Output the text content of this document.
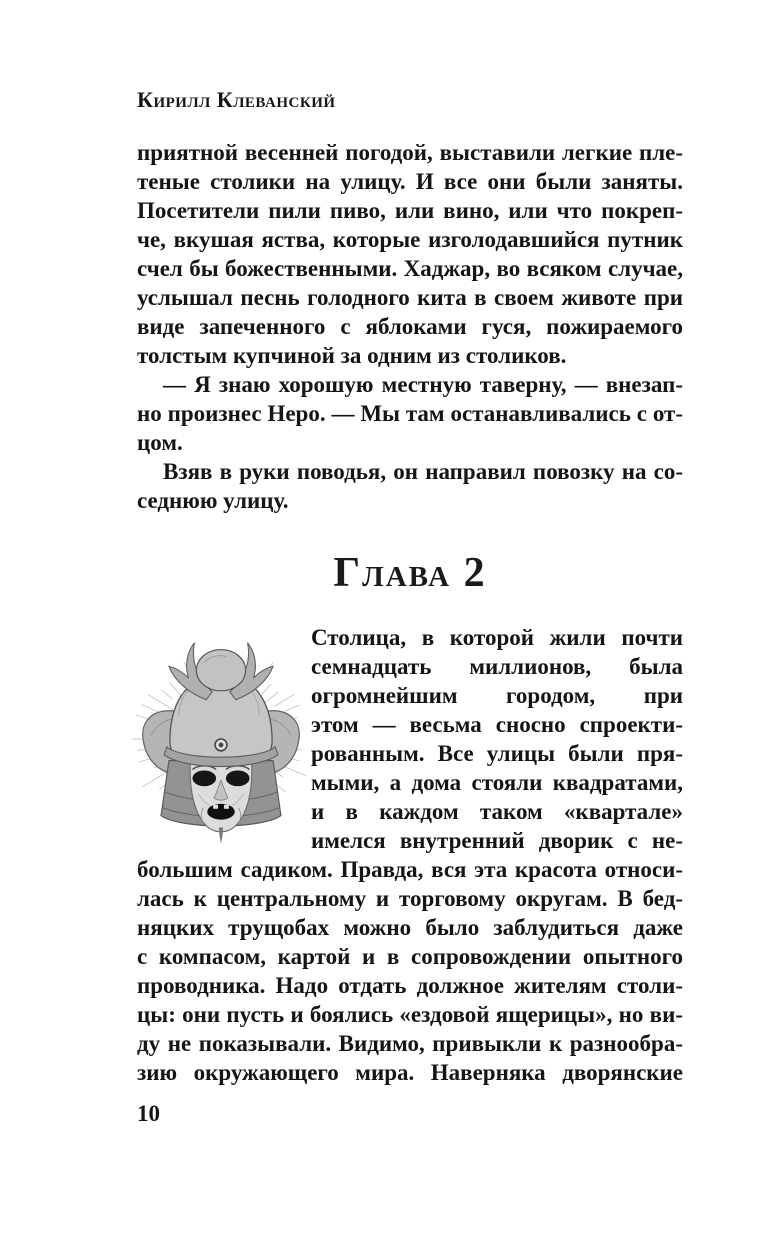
Кирилл Клеванский
приятной весенней погодой, выставили легкие пле-
теные столики на улицу. И все они были заняты.
Посетители пили пиво, или вино, или что покреп-
че, вкушая яства, которые изголодавшийся путник
счел бы божественными. Хаджар, во всяком случае,
услышал песнь голодного кита в своем животе при
виде запеченного с яблоками гуся, пожираемого
толстым купчиной за одним из столиков.
— Я знаю хорошую местную таверну, — внезап-
но произнес Неро. — Мы там останавливались с от-
цом.
Взяв в руки поводья, он направил повозку на со-
седнюю улицу.
Глава 2
Столица, в которой жили почти
семнадцать миллионов, была
огромнейшим городом, при
этом — весьма сносно спроекти-
рованным. Все улицы были пря-
мыми, а дома стояли квадратами,
и в каждом таком «квартале»
имелся внутренний дворик с не-
большим садиком. Правда, вся эта красота относи-
лась к центральному и торговому округам. В бед-
няцких трущобах можно было заблудиться даже
с компасом, картой и в сопровождении опытного
проводника. Надо отдать должное жителям столи-
цы: они пусть и боялись «ездовой ящерицы», но ви-
ду не показывали. Видимо, привыкли к разнообра-
зию окружающего мира. Наверняка дворянские
10
